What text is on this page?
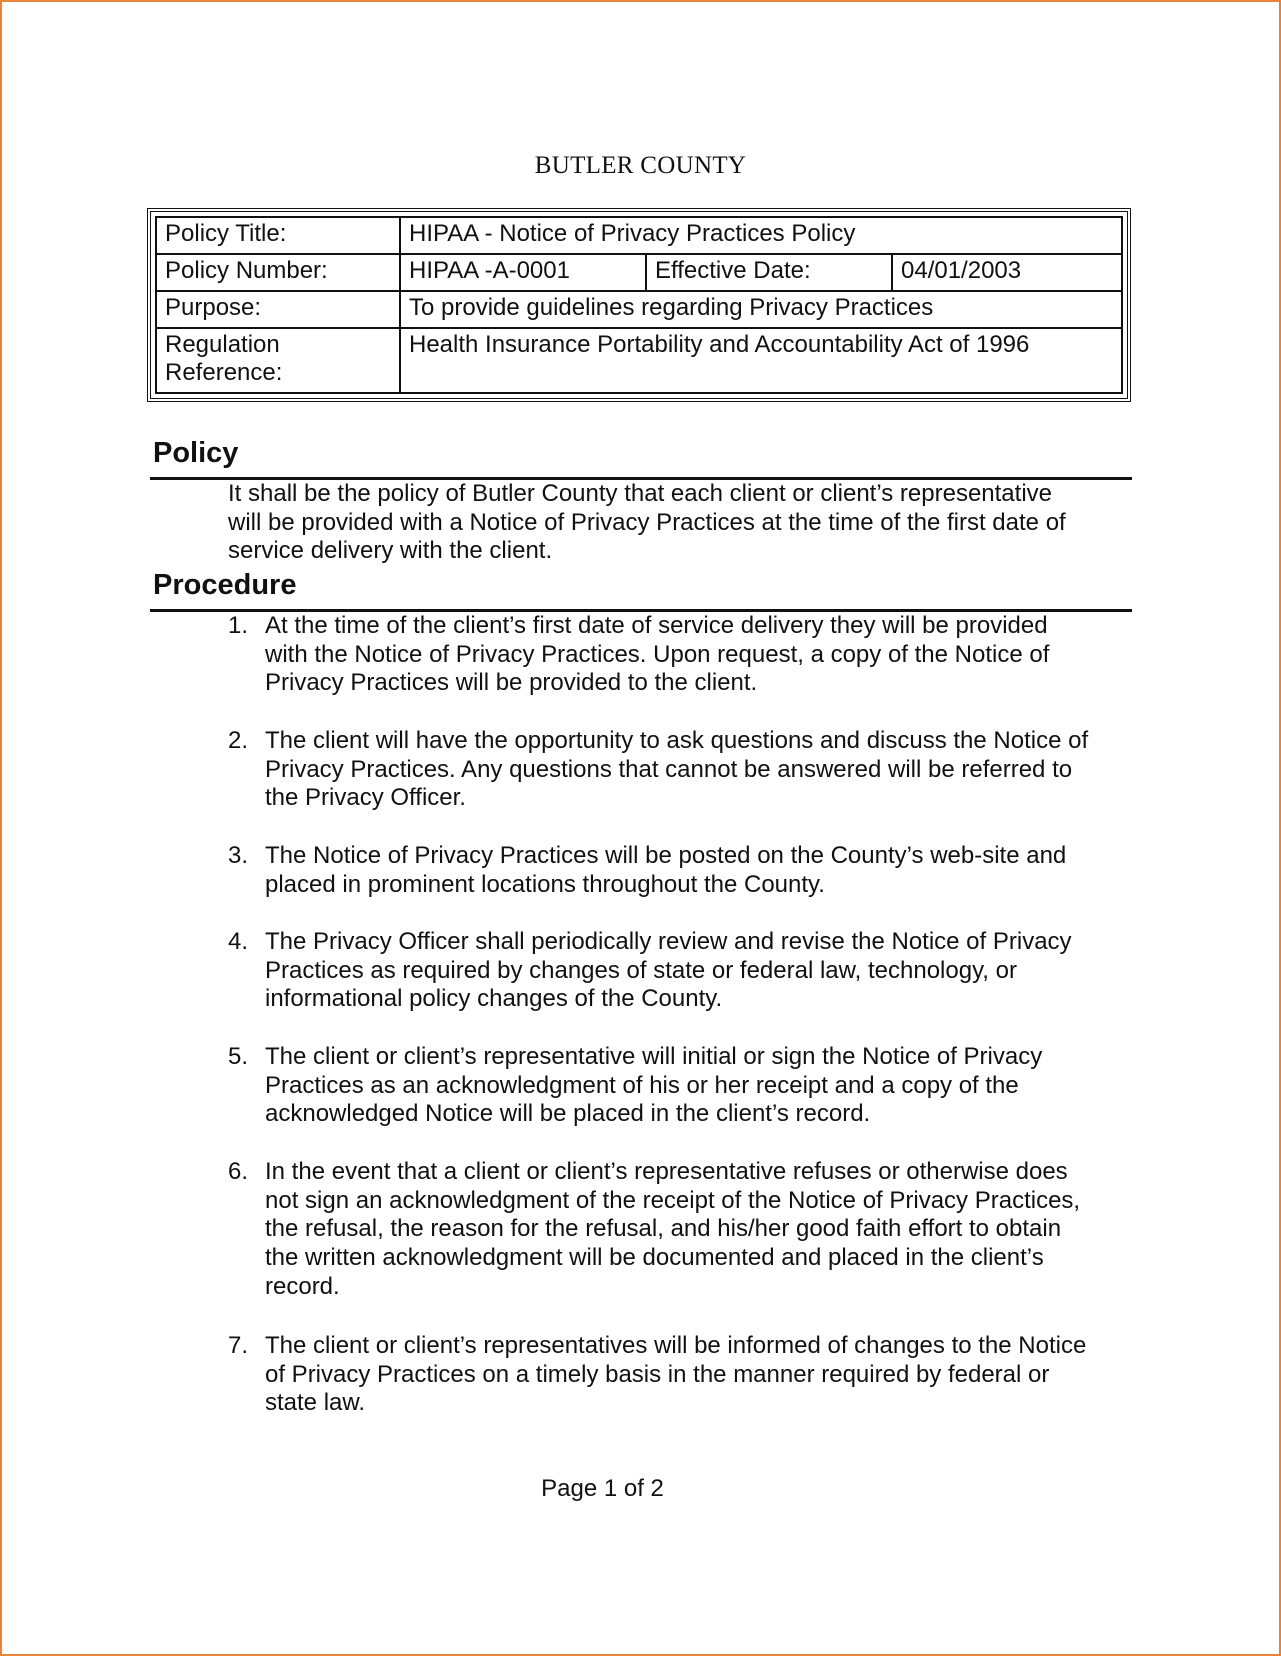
BUTLER COUNTY
Policy Title:	HIPAA - Notice of Privacy Practices Policy		
Policy Number:	HIPAA -A-0001	Effective Date:	04/01/2003
Purpose:	To provide guidelines regarding Privacy Practices		

Regulation
Reference:	Health Insurance Portability and Accountability Act of 1996		
Policy
It shall be the policy of Butler County that each client or client’s representative
will be provided with a Notice of Privacy Practices at the time of the first date of
service delivery with the client.
Procedure
1. At the time of the client’s first date of service delivery they will be provided
with the Notice of Privacy Practices. Upon request, a copy of the Notice of
Privacy Practices will be provided to the client.
2. The client will have the opportunity to ask questions and discuss the Notice of
Privacy Practices. Any questions that cannot be answered will be referred to
the Privacy Officer.
3. The Notice of Privacy Practices will be posted on the County’s web-site and
placed in prominent locations throughout the County.
4. The Privacy Officer shall periodically review and revise the Notice of Privacy
Practices as required by changes of state or federal law, technology, or
informational policy changes of the County.
5. The client or client’s representative will initial or sign the Notice of Privacy
Practices as an acknowledgment of his or her receipt and a copy of the
acknowledged Notice will be placed in the client’s record.
6. In the event that a client or client’s representative refuses or otherwise does
not sign an acknowledgment of the receipt of the Notice of Privacy Practices,
the refusal, the reason for the refusal, and his/her good faith effort to obtain
the written acknowledgment will be documented and placed in the client’s
record.
7. The client or client’s representatives will be informed of changes to the Notice
of Privacy Practices on a timely basis in the manner required by federal or
state law.
Page 1 of 2
